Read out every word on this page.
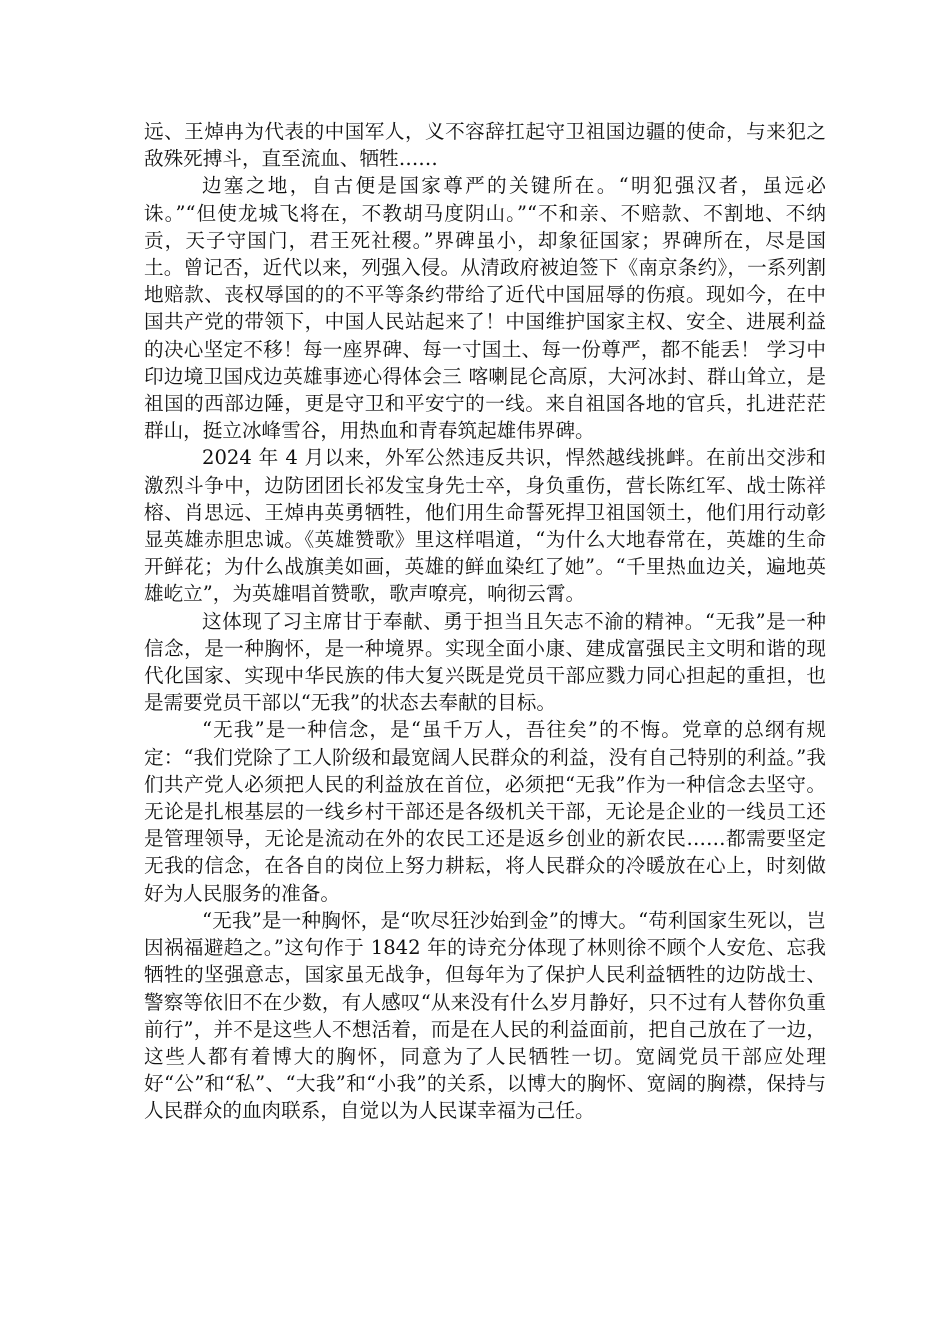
远、王焯冉为代表的中国军人，义不容辞扛起守卫祖国边疆的使命，与来犯之敌殊死搏斗，直至流血、牺牲……

边塞之地，自古便是国家尊严的关键所在。“明犯强汉者，虽远必诛。”“但使龙城飞将在，不教胡马度阴山。”“不和亲、不赔款、不割地、不纳贡，天子守国门，君王死社稷。”界碑虽小，却象征国家；界碑所在，尽是国土。曾记否，近代以来，列强入侵。从清政府被迫签下《南京条约》，一系列割地赔款、丧权辱国的的不平等条约带给了近代中国屈辱的伤痕。现如今，在中国共产党的带领下，中国人民站起来了！中国维护国家主权、安全、进展利益的决心坚定不移！每一座界碑、每一寸国土、每一份尊严，都不能丢！ 学习中印边境卫国戍边英雄事迹心得体会三 喀喇昆仑高原，大河冰封、群山耸立，是祖国的西部边陲，更是守卫和平安宁的一线。来自祖国各地的官兵，扎进茫茫群山，挺立冰峰雪谷，用热血和青春筑起雄伟界碑。

2024 年 4 月以来，外军公然违反共识，悍然越线挑衅。在前出交涉和激烈斗争中，边防团团长祁发宝身先士卒，身负重伤，营长陈红军、战士陈祥榕、肖思远、王焯冉英勇牺牲，他们用生命誓死捍卫祖国领土，他们用行动彰显英雄赤胆忠诚。《英雄赞歌》里这样唱道，“为什么大地春常在，英雄的生命开鲜花；为什么战旗美如画，英雄的鲜血染红了她”。“千里热血边关，遍地英雄屹立”，为英雄唱首赞歌，歌声嘹亮，响彻云霄。

这体现了习主席甘于奉献、勇于担当且矢志不渝的精神。“无我”是一种信念，是一种胸怀，是一种境界。实现全面小康、建成富强民主文明和谐的现代化国家、实现中华民族的伟大复兴既是党员干部应戮力同心担起的重担，也是需要党员干部以“无我”的状态去奉献的目标。

“无我”是一种信念，是“虽千万人，吾往矣”的不悔。党章的总纲有规定：“我们党除了工人阶级和最宽阔人民群众的利益，没有自己特别的利益。”我们共产党人必须把人民的利益放在首位，必须把“无我”作为一种信念去坚守。无论是扎根基层的一线乡村干部还是各级机关干部，无论是企业的一线员工还是管理领导，无论是流动在外的农民工还是返乡创业的新农民……都需要坚定无我的信念，在各自的岗位上努力耕耘，将人民群众的冷暖放在心上，时刻做好为人民服务的准备。

“无我”是一种胸怀，是“吹尽狂沙始到金”的博大。“苟利国家生死以，岂因祸福避趋之。”这句作于 1842 年的诗充分体现了林则徐不顾个人安危、忘我牺牲的坚强意志，国家虽无战争，但每年为了保护人民利益牺牲的边防战士、警察等依旧不在少数，有人感叹“从来没有什么岁月静好，只不过有人替你负重前行”，并不是这些人不想活着，而是在人民的利益面前，把自己放在了一边，这些人都有着博大的胸怀，同意为了人民牺牲一切。宽阔党员干部应处理好“公”和“私”、“大我”和“小我”的关系，以博大的胸怀、宽阔的胸襟，保持与人民群众的血肉联系，自觉以为人民谋幸福为己任。
